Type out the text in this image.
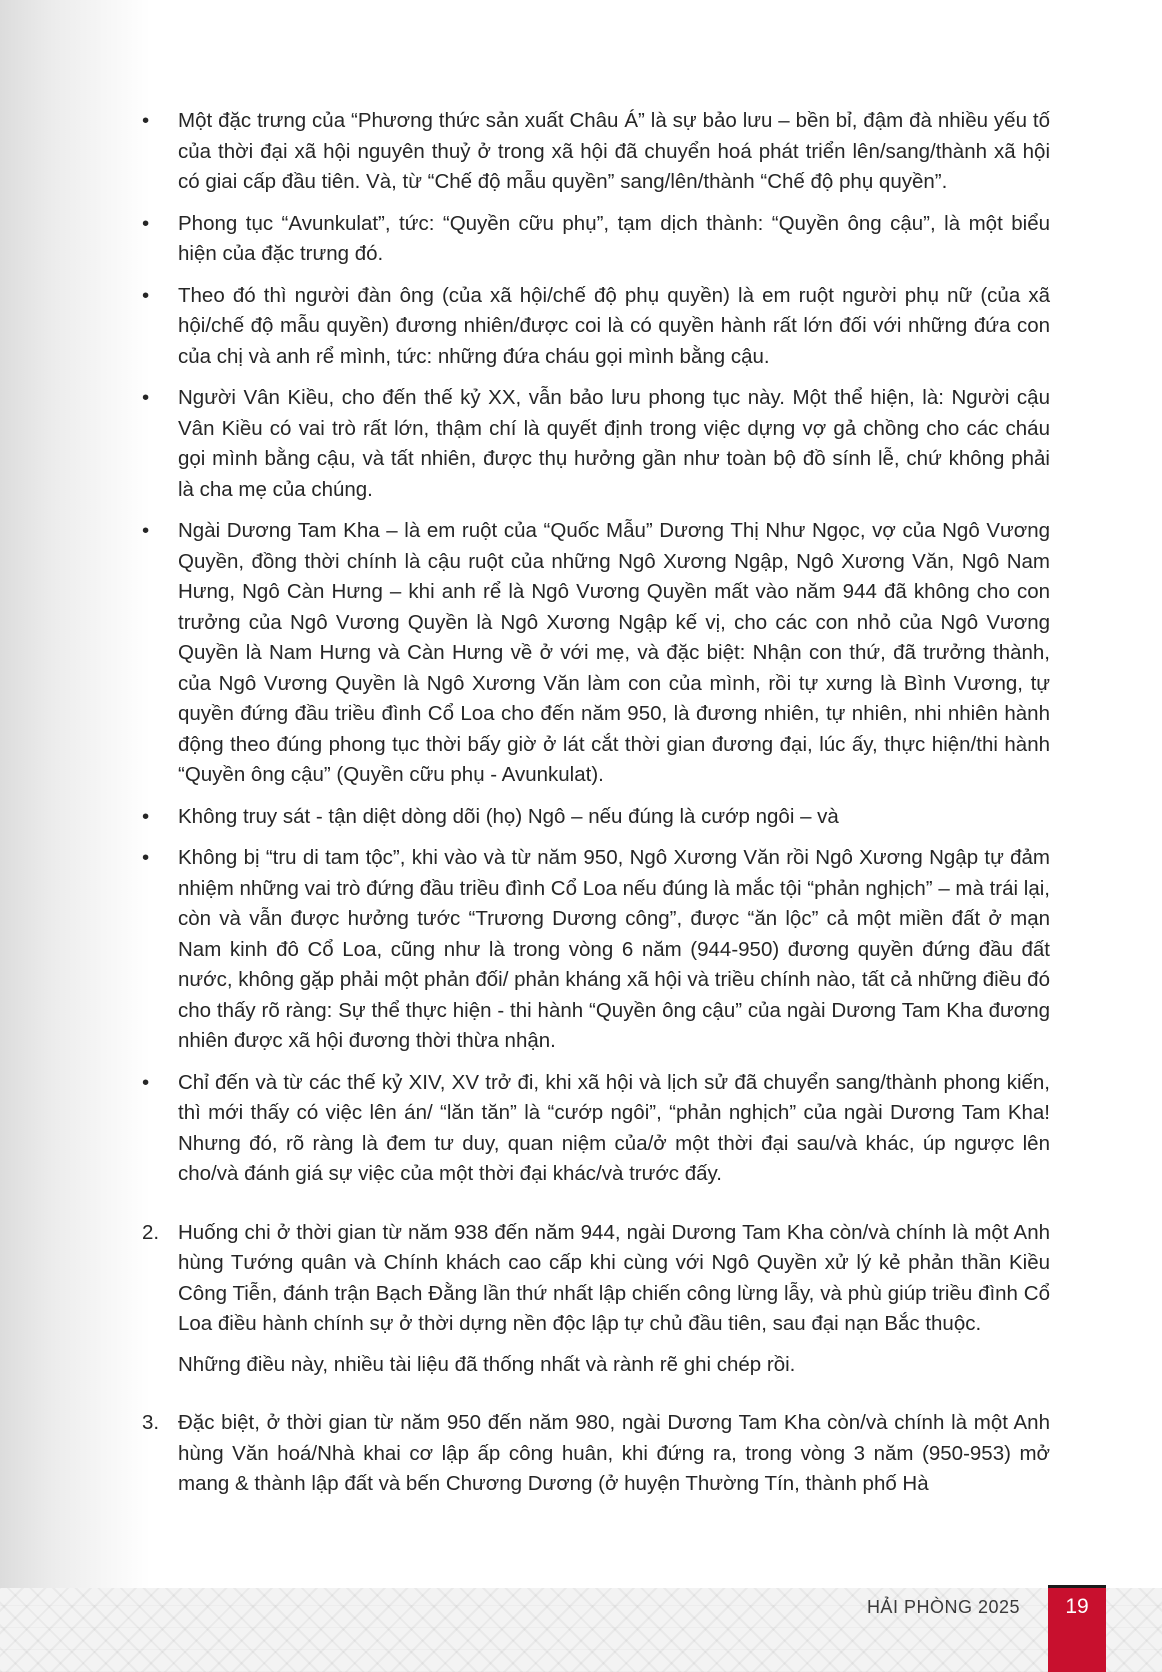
•	Một đặc trưng của “Phương thức sản xuất Châu Á” là sự bảo lưu – bền bỉ, đậm đà nhiều yếu tố của thời đại xã hội nguyên thuỷ ở trong xã hội đã chuyển hoá phát triển lên/sang/thành xã hội có giai cấp đầu tiên. Và, từ “Chế độ mẫu quyền” sang/lên/thành “Chế độ phụ quyền”.
•	Phong tục “Avunkulat”, tức: “Quyền cữu phụ”, tạm dịch thành: “Quyền ông cậu”, là một biểu hiện của đặc trưng đó.
•	Theo đó thì người đàn ông (của xã hội/chế độ phụ quyền) là em ruột người phụ nữ (của xã hội/chế độ mẫu quyền) đương nhiên/được coi là có quyền hành rất lớn đối với những đứa con của chị và anh rể mình, tức: những đứa cháu gọi mình bằng cậu.
•	Người Vân Kiều, cho đến thế kỷ XX, vẫn bảo lưu phong tục này. Một thể hiện, là: Người cậu Vân Kiều có vai trò rất lớn, thậm chí là quyết định trong việc dựng vợ gả chồng cho các cháu gọi mình bằng cậu, và tất nhiên, được thụ hưởng gần như toàn bộ đồ sính lễ, chứ không phải là cha mẹ của chúng.
•	Ngài Dương Tam Kha – là em ruột của “Quốc Mẫu” Dương Thị Như Ngọc, vợ của Ngô Vương Quyền, đồng thời chính là cậu ruột của những Ngô Xương Ngập, Ngô Xương Văn, Ngô Nam Hưng, Ngô Càn Hưng – khi anh rể là Ngô Vương Quyền mất vào năm 944 đã không cho con trưởng của Ngô Vương Quyền là Ngô Xương Ngập kế vị, cho các con nhỏ của Ngô Vương Quyền là Nam Hưng và Càn Hưng về ở với mẹ, và đặc biệt: Nhận con thứ, đã trưởng thành, của Ngô Vương Quyền là Ngô Xương Văn làm con của mình, rồi tự xưng là Bình Vương, tự quyền đứng đầu triều đình Cổ Loa cho đến năm 950, là đương nhiên, tự nhiên, nhi nhiên hành động theo đúng phong tục thời bấy giờ ở lát cắt thời gian đương đại, lúc ấy, thực hiện/thi hành “Quyền ông cậu” (Quyền cữu phụ - Avunkulat).
•	Không truy sát - tận diệt dòng dõi (họ) Ngô – nếu đúng là cướp ngôi – và
•	Không bị “tru di tam tộc”, khi vào và từ năm 950, Ngô Xương Văn rồi Ngô Xương Ngập tự đảm nhiệm những vai trò đứng đầu triều đình Cổ Loa nếu đúng là mắc tội “phản nghịch” – mà trái lại, còn và vẫn được hưởng tước “Trương Dương công”, được “ăn lộc” cả một miền đất ở mạn Nam kinh đô Cổ Loa, cũng như là trong vòng 6 năm (944-950) đương quyền đứng đầu đất nước, không gặp phải một phản đối/ phản kháng xã hội và triều chính nào, tất cả những điều đó cho thấy rõ ràng: Sự thể thực hiện - thi hành “Quyền ông cậu” của ngài Dương Tam Kha đương nhiên được xã hội đương thời thừa nhận.
•	Chỉ đến và từ các thế kỷ XIV, XV trở đi, khi xã hội và lịch sử đã chuyển sang/thành phong kiến, thì mới thấy có việc lên án/ “lăn tăn” là “cướp ngôi”, “phản nghịch” của ngài Dương Tam Kha! Nhưng đó, rõ ràng là đem tư duy, quan niệm của/ở một thời đại sau/và khác, úp ngược lên cho/và đánh giá sự việc của một thời đại khác/và trước đấy.
2. Huống chi ở thời gian từ năm 938 đến năm 944, ngài Dương Tam Kha còn/và chính là một Anh hùng Tướng quân và Chính khách cao cấp khi cùng với Ngô Quyền xử lý kẻ phản thần Kiều Công Tiễn, đánh trận Bạch Đằng lần thứ nhất lập chiến công lừng lẫy, và phù giúp triều đình Cổ Loa điều hành chính sự ở thời dựng nền độc lập tự chủ đầu tiên, sau đại nạn Bắc thuộc.

Những điều này, nhiều tài liệu đã thống nhất và rành rẽ ghi chép rồi.

3. Đặc biệt, ở thời gian từ năm 950 đến năm 980, ngài Dương Tam Kha còn/và chính là một Anh hùng Văn hoá/Nhà khai cơ lập ấp công huân, khi đứng ra, trong vòng 3 năm (950-953) mở mang & thành lập đất và bến Chương Dương (ở huyện Thường Tín, thành phố Hà

HẢI PHÒNG 2025	19
